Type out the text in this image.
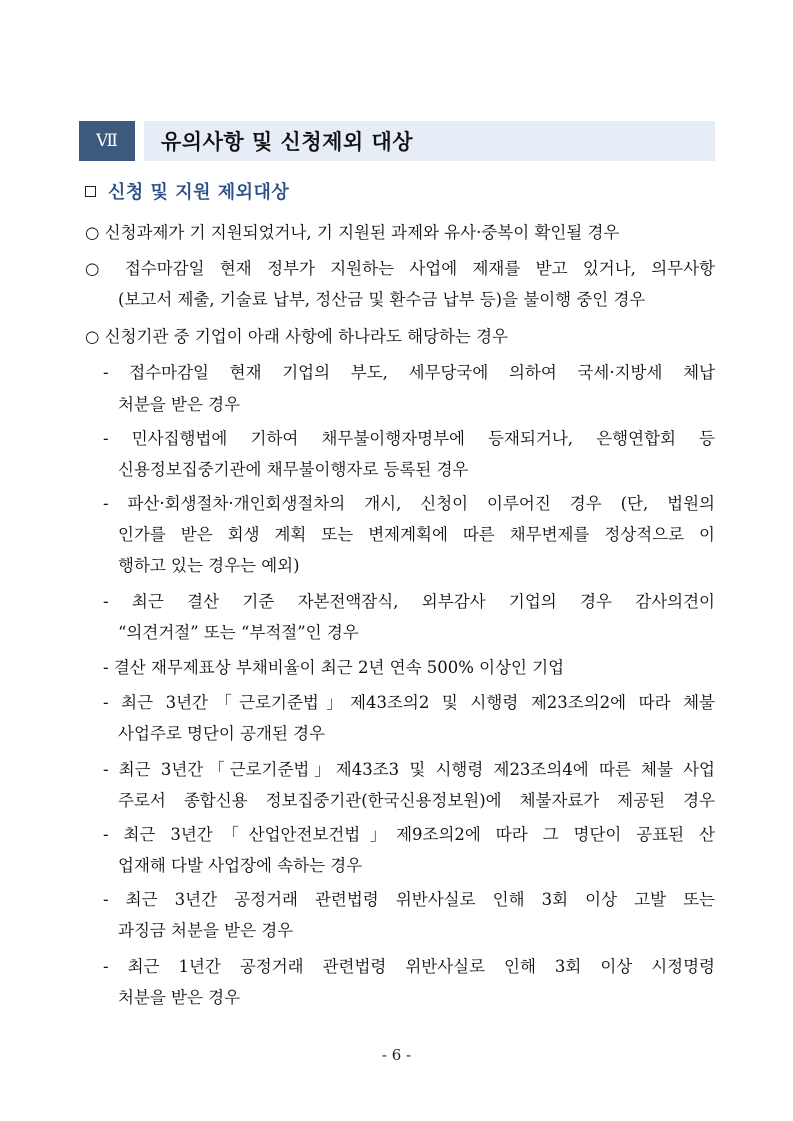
Ⅶ 유의사항 및 신청제외 대상
신청 및 지원 제외대상
○ 신청과제가 기 지원되었거나, 기 지원된 과제와 유사·중복이 확인될 경우
○ 접수마감일 현재 정부가 지원하는 사업에 제재를 받고 있거나, 의무사항
(보고서 제출, 기술료 납부, 정산금 및 환수금 납부 등)을 불이행 중인 경우
○ 신청기관 중 기업이 아래 사항에 하나라도 해당하는 경우
- 접수마감일 현재 기업의 부도, 세무당국에 의하여 국세·지방세 체납
처분을 받은 경우
- 민사집행법에 기하여 채무불이행자명부에 등재되거나, 은행연합회 등
신용정보집중기관에 채무불이행자로 등록된 경우
- 파산·회생절차·개인회생절차의 개시, 신청이 이루어진 경우 (단, 법원의
인가를 받은 회생 계획 또는 변제계획에 따른 채무변제를 정상적으로 이
행하고 있는 경우는 예외)
- 최근 결산 기준 자본전액잠식, 외부감사 기업의 경우 감사의견이
“의견거절” 또는 “부적절”인 경우
- 결산 재무제표상 부채비율이 최근 2년 연속 500% 이상인 기업
- 최근 3년간「근로기준법」제43조의2 및 시행령 제23조의2에 따라 체불
사업주로 명단이 공개된 경우
- 최근 3년간「근로기준법」제43조3 및 시행령 제23조의4에 따른 체불 사업
주로서 종합신용 정보집중기관(한국신용정보원)에 체불자료가 제공된 경우
- 최근 3년간「산업안전보건법」제9조의2에 따라 그 명단이 공표된 산
업재해 다발 사업장에 속하는 경우
- 최근 3년간 공정거래 관련법령 위반사실로 인해 3회 이상 고발 또는
과징금 처분을 받은 경우
- 최근 1년간 공정거래 관련법령 위반사실로 인해 3회 이상 시정명령
처분을 받은 경우
- 6 -
